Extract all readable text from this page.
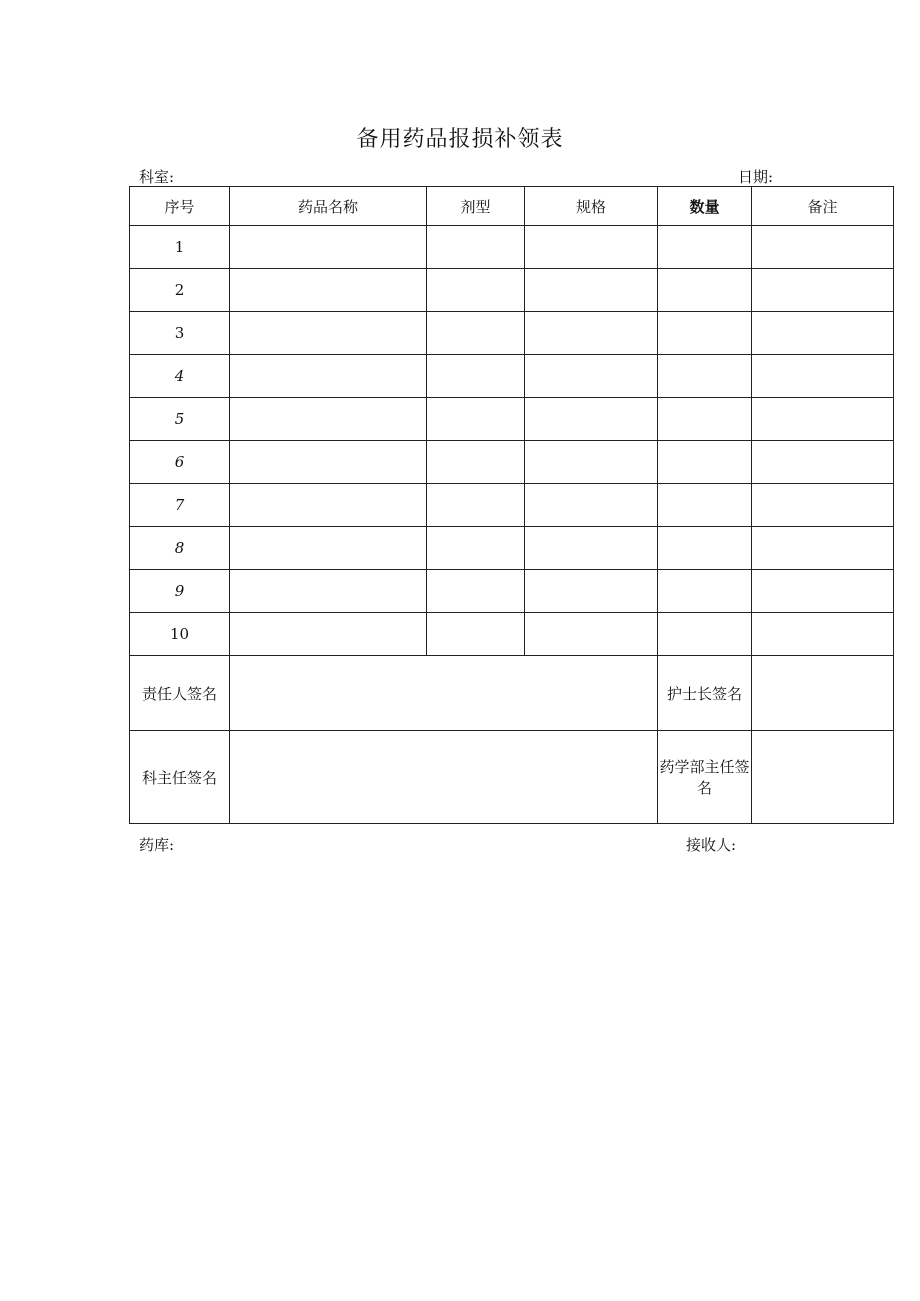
备用药品报损补领表
科室:	日期:
序号	药品名称	剂型	规格	数量	备注
1					
2					
3					
4					
5					
6					
7					
8					
9					
10					
责任人签名				护士长签名	
科主任签名				药学部主任签名	
药库:	接收人:
